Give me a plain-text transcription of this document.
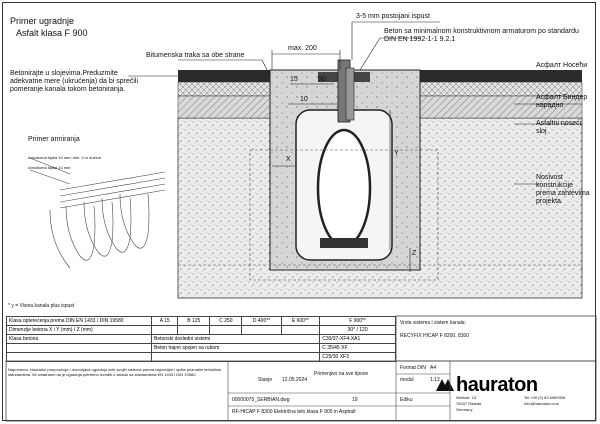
Primer ugradnje
Asfalt klasa F 900
3-5 mm postojani ispust
Beton sa minimalnom konstruktivnom armaturom po standardu DIN EN 1992-1-1 9.2.1
Bitumenska traka sa obe strane
max. 200
Betonirajte u slojevima.Preduzmite adekvatne mere (ukrućenja) da bi sprečili pomeranje kanala tokom betoniranja.
15	50
10
X
Y
Z
Асфалт Носећи
Асфалт Биндер нарадно
Asfaltni noseći sloj
Nosivost konstrukcije prema zahtevima projekta.
Primer armiranja
Armaturna šipka 10 mm; min. 3 m dužine
Armaturna šipka 10 mm
* y = Visina kanala plus ispust
Klasa opterećenja prema DIN EN 1433 / DIN 19580	A 15	B 125	C 250	D 400**	E 600**	F 900**
Dimenzije betona X i Y (mm) / Z (mm)						30* / 120
Klasa betona	Betonski dosledni sistemi					C30/37-XF4-XA1
	Beton trajno spojen sa rubom					C 35/45 XF
						C25/30 XF3
Vrsta sistema i sistem kanala:
RECYFIX HICAP F 8200, 8300
Napomena: Hauraton preporučuje i dozvoljava ugradnju svih svojih sistema prema najnovijim i opšte priznatim tehničkim standardima. Mi smatramo da je ugradnja potrebno izvoditi u skladu sa standardima EN 1433 i DIN 19580.
Stanje 12.05.2024
Primenjivo na sve tipove
00000075_SERBIAN.dwg	19
Format DIN A4
modul	1:12
Ediku
RF-HICAP F 8300 Električna telo klasa F 900 in Asphalt
hauraton
Werkstr. 13
76437 Rastatt
Germany
Tel +49 (0) 83 6969306
info@hauraton.com
